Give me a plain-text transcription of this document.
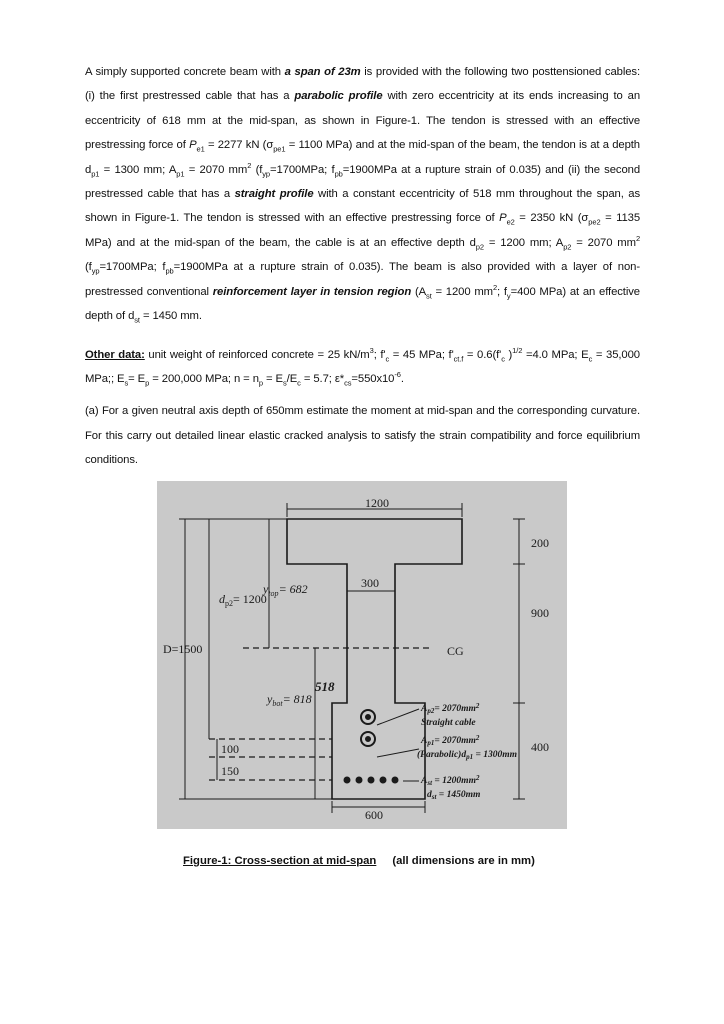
A simply supported concrete beam with a span of 23m is provided with the following two posttensioned cables: (i) the first prestressed cable that has a parabolic profile with zero eccentricity at its ends increasing to an eccentricity of 618 mm at the mid-span, as shown in Figure-1. The tendon is stressed with an effective prestressing force of $P_{e1} = 2277$ kN ($\sigma_{pe1} = 1100$ MPa) and at the mid-span of the beam, the tendon is at a depth $d_{p1} = 1300$ mm; $A_{p1} = 2070$ $mm^2$ ($f_{yp}=1700MPa$; $f_{pb}=1900MPa$ at a rupture strain of 0.035) and (ii) the second prestressed cable that has a straight profile with a constant eccentricity of 518 mm throughout the span, as shown in Figure-1. The tendon is stressed with an effective prestressing force of $P_{e2} = 2350$ kN ($\sigma_{pe2} = 1135$ MPa) and at the mid-span of the beam, the cable is at an effective depth $d_{p2} = 1200$ mm; $A_{p2} = 2070$ $mm^2$ ($f_{yp}=1700MPa$; $f_{pb}=1900MPa$ at a rupture strain of 0.035). The beam is also provided with a layer of non-prestressed conventional reinforcement layer in tension region ($A_{st} = 1200$ $mm^2$; $f_y=400$ MPa) at an effective depth of $d_{st} = 1450$ mm.
Other data: unit weight of reinforced concrete = 25 $kN/m^3$; $f'_c = 45$ MPa; $f'_{ct.f} = 0.6(f'_c$ )$^{1/2}$ =4.0 MPa; $E_c = 35,000$ MPa;; $E_s= E_p = 200,000$ MPa; $n = n_p = E_s/E_c = 5.7$; $\varepsilon*_{cs}=550x10^{-6}$.
(a) For a given neutral axis depth of 650mm estimate the moment at mid-span and the corresponding curvature. For this carry out detailed linear elastic cracked analysis to satisfy the strain compatibility and force equilibrium conditions.
1200
300
600
D=1500
200
900
400
$d_{p2}= 1200$
$y_{top}= 682$
$y_{bot}= 818$
518
CG
100
150
$A_{p2}= 2070mm^2$
Straight cable
$A_{p1}= 2070mm^2$
$(Parabolic)d_{p1} = 1300mm$
$A_{st} = 1200mm^2$
$d_{st} = 1450mm$
Figure-1: Cross-section at mid-span (all dimensions are in mm)
